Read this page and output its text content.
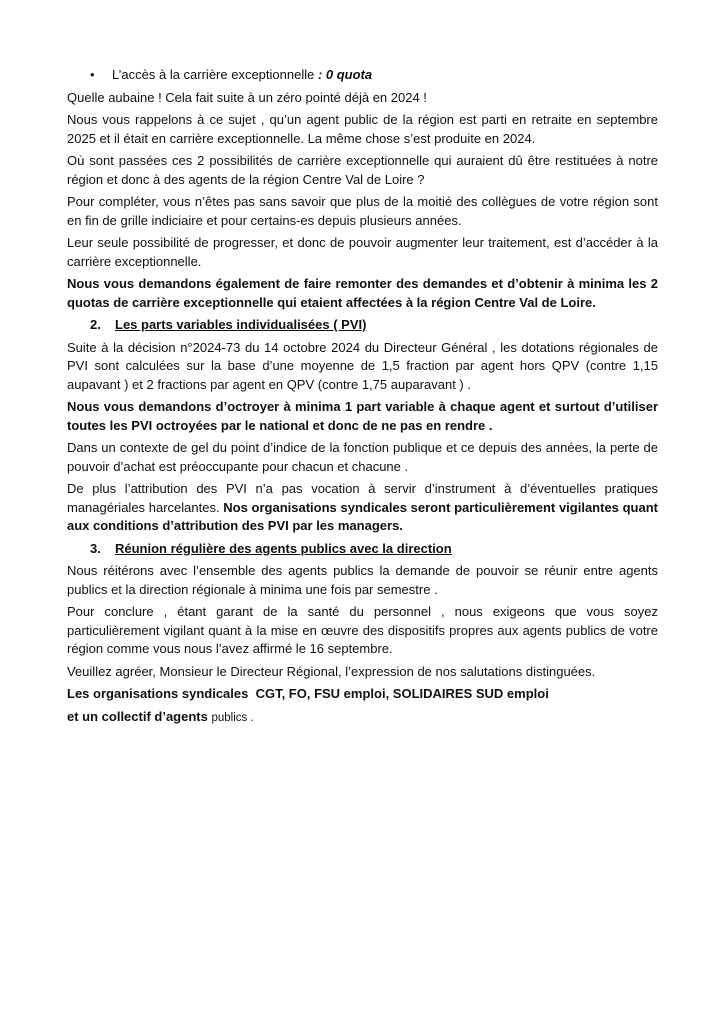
• L’accès à la carrière exceptionnelle : 0 quota

Quelle aubaine ! Cela fait suite à un zéro pointé déjà en 2024 !

Nous vous rappelons à ce sujet , qu’un agent public de la région est parti en retraite en septembre 2025 et il était en carrière exceptionnelle. La même chose s’est produite en 2024.

Où sont passées ces 2 possibilités de carrière exceptionnelle qui auraient dû être restituées à notre région et donc à des agents de la région Centre Val de Loire ?

Pour compléter, vous n’êtes pas sans savoir que plus de la moitié des collègues de votre région sont en fin de grille indiciaire et pour certains-es depuis plusieurs années.

Leur seule possibilité de progresser, et donc de pouvoir augmenter leur traitement, est d’accéder à la carrière exceptionnelle.

Nous vous demandons également de faire remonter des demandes et d’obtenir à minima les 2 quotas de carrière exceptionnelle qui etaient affectées à la région Centre Val de Loire.

2. Les parts variables individualisées ( PVI)

Suite à la décision n°2024-73 du 14 octobre 2024 du Directeur Général , les dotations régionales de PVI sont calculées sur la base d’une moyenne de 1,5 fraction par agent hors QPV (contre 1,15 aupavant ) et 2 fractions par agent en QPV (contre 1,75 auparavant ) .

Nous vous demandons d’octroyer à minima 1 part variable à chaque agent et surtout d’utiliser toutes les PVI octroyées par le national et donc de ne pas en rendre .

Dans un contexte de gel du point d’indice de la fonction publique et ce depuis des années, la perte de pouvoir d’achat est préoccupante pour chacun et chacune .

De plus l’attribution des PVI n’a pas vocation à servir d’instrument à d’éventuelles pratiques managériales harcelantes. Nos organisations syndicales seront particulièrement vigilantes quant aux conditions d’attribution des PVI par les managers.

3. Réunion régulière des agents publics avec la direction

Nous réitérons avec l’ensemble des agents publics la demande de pouvoir se réunir entre agents publics et la direction régionale à minima une fois par semestre .

Pour conclure , étant garant de la santé du personnel , nous exigeons que vous soyez particulièrement vigilant quant à la mise en œuvre des dispositifs propres aux agents publics de votre région comme vous nous l’avez affirmé le 16 septembre.

Veuillez agréer, Monsieur le Directeur Régional, l’expression de nos salutations distinguées.

Les organisations syndicales  CGT, FO, FSU emploi, SOLIDAIRES SUD emploi

et un collectif d’agents publics .
